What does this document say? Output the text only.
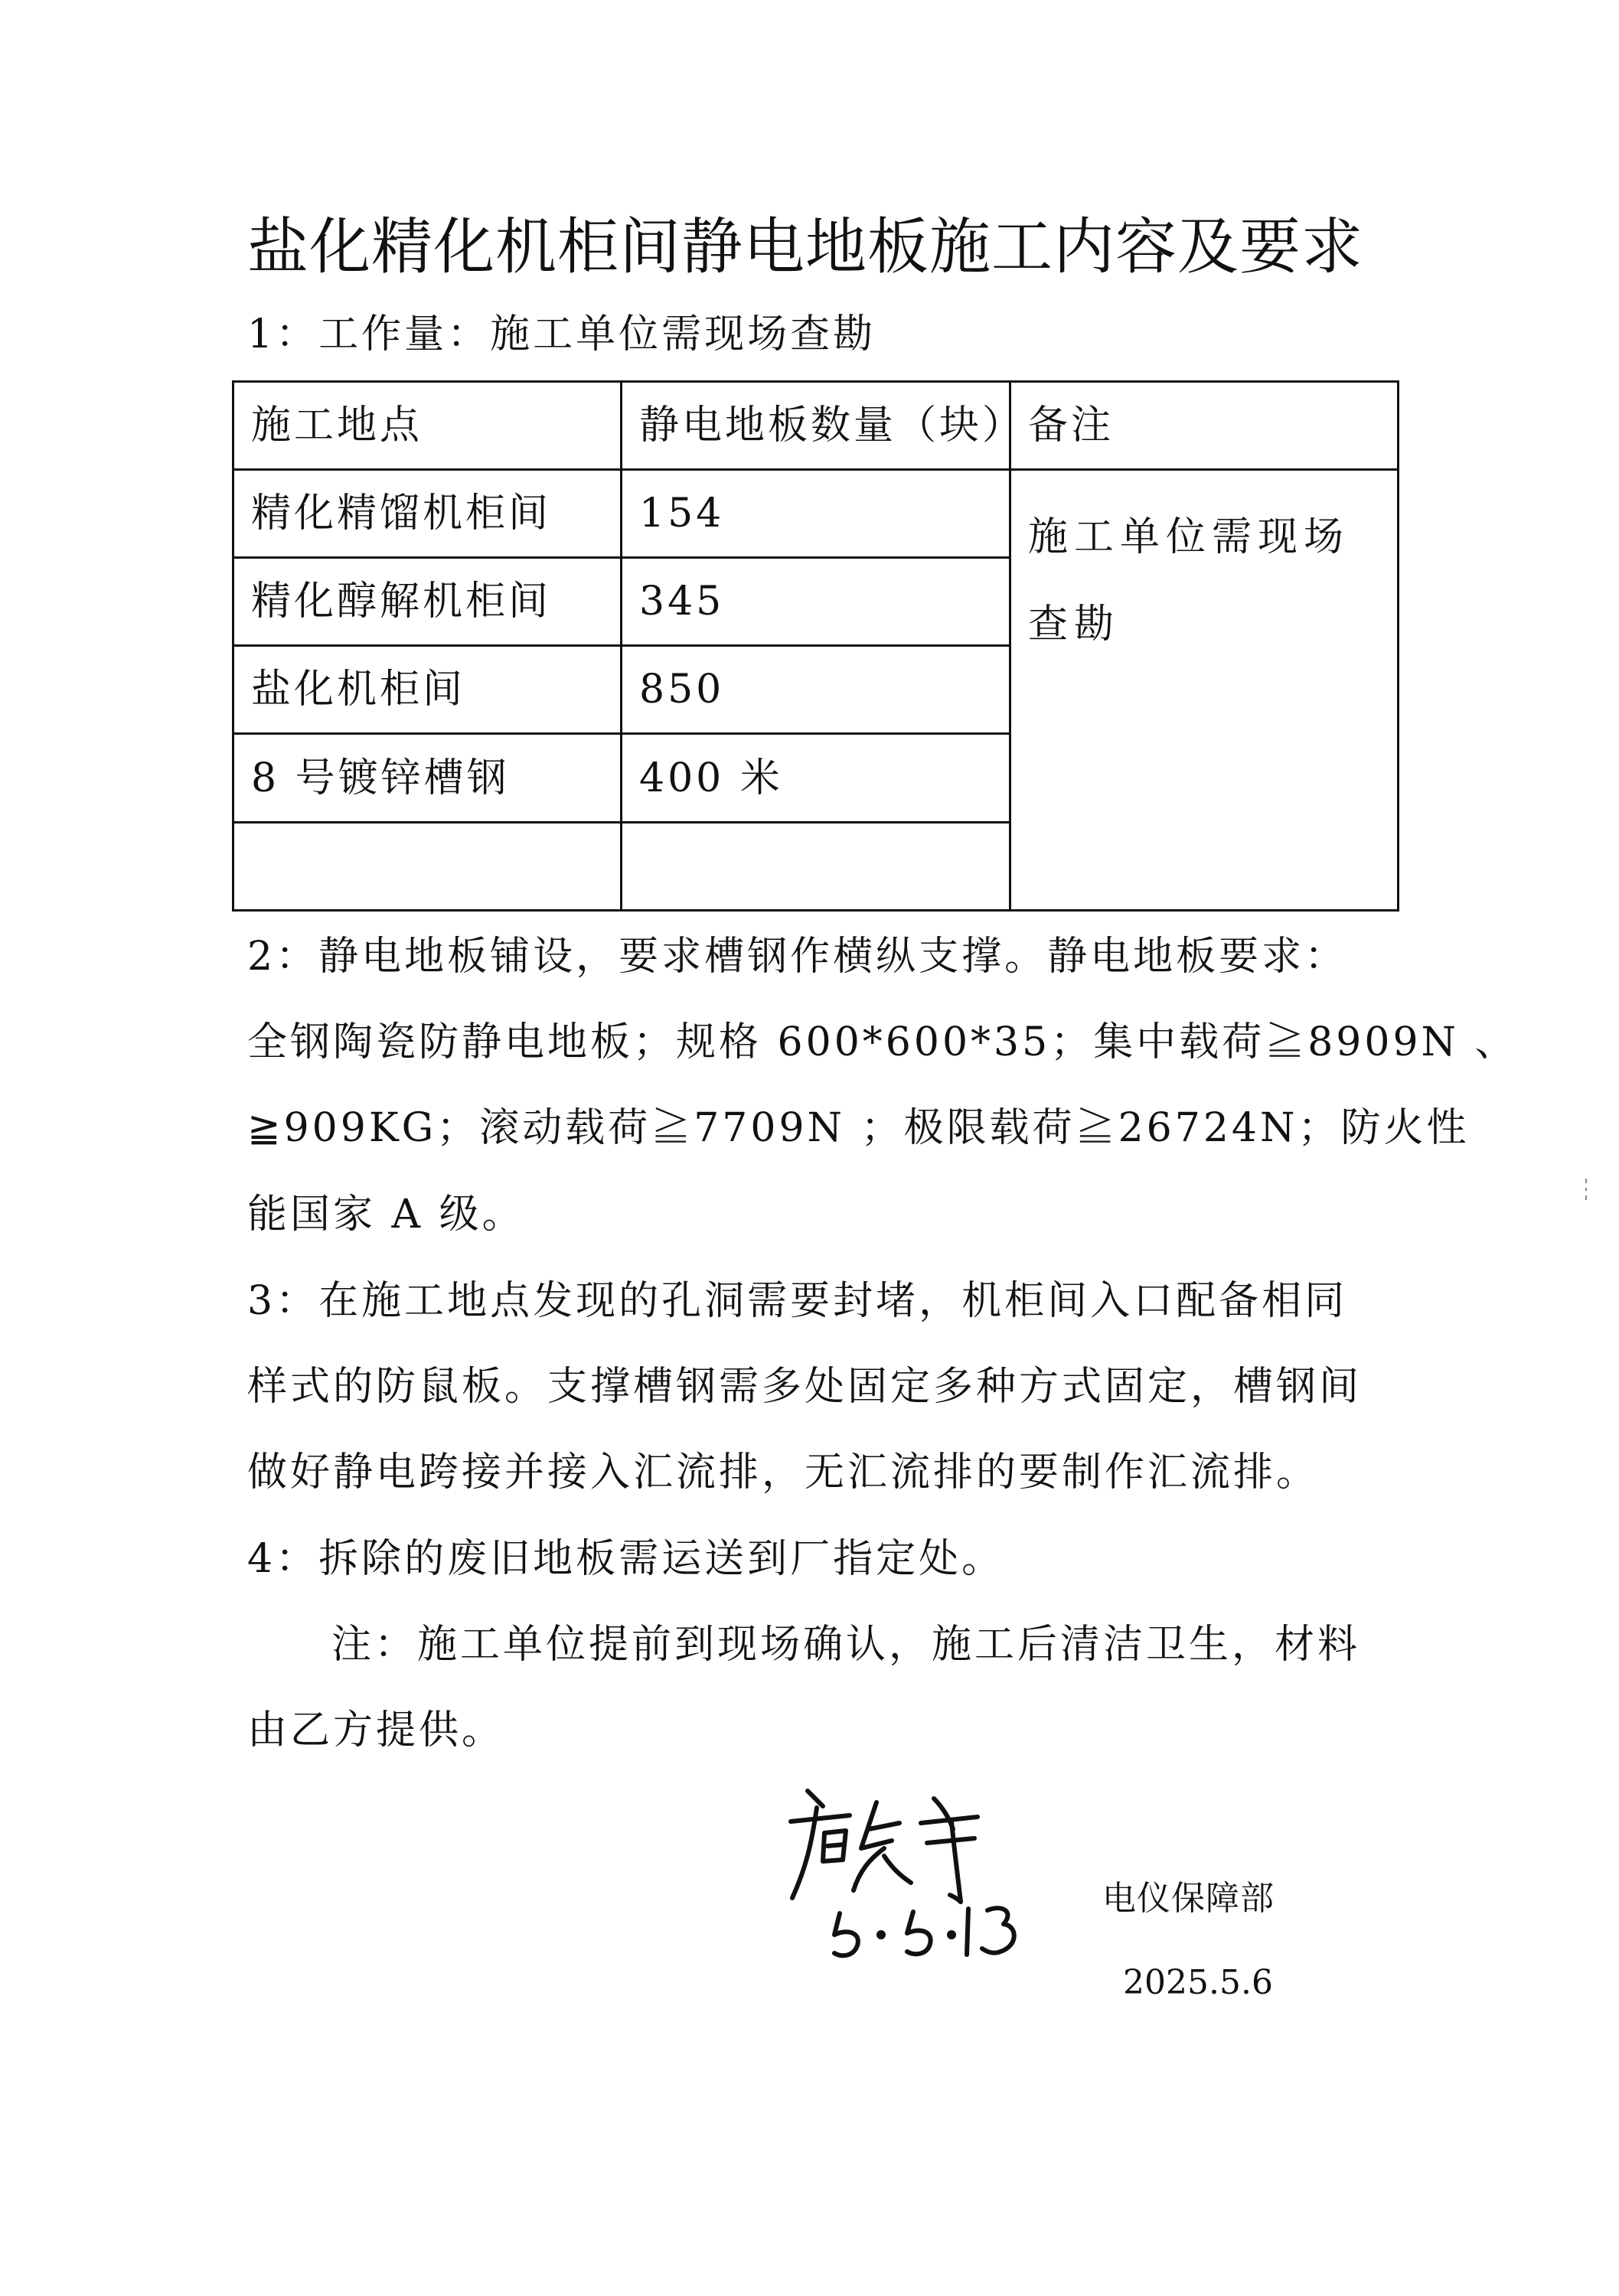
盐化精化机柜间静电地板施工内容及要求
1：工作量：施工单位需现场查勘
施工地点	静电地板数量（块）	备注
精化精馏机柜间	154	施工单位需现场查勘
精化醇解机柜间	345	
盐化机柜间	850	
8 号镀锌槽钢	400 米	

2：静电地板铺设，要求槽钢作横纵支撑。静电地板要求：
全钢陶瓷防静电地板；规格 600*600*35；集中载荷≧8909N 、
≧909KG；滚动载荷≧7709N ；极限载荷≧26724N；防火性
能国家 A 级。
3：在施工地点发现的孔洞需要封堵，机柜间入口配备相同
样式的防鼠板。支撑槽钢需多处固定多种方式固定，槽钢间
做好静电跨接并接入汇流排，无汇流排的要制作汇流排。
4：拆除的废旧地板需运送到厂指定处。
注：施工单位提前到现场确认，施工后清洁卫生，材料
由乙方提供。
电仪保障部
2025.5.6
